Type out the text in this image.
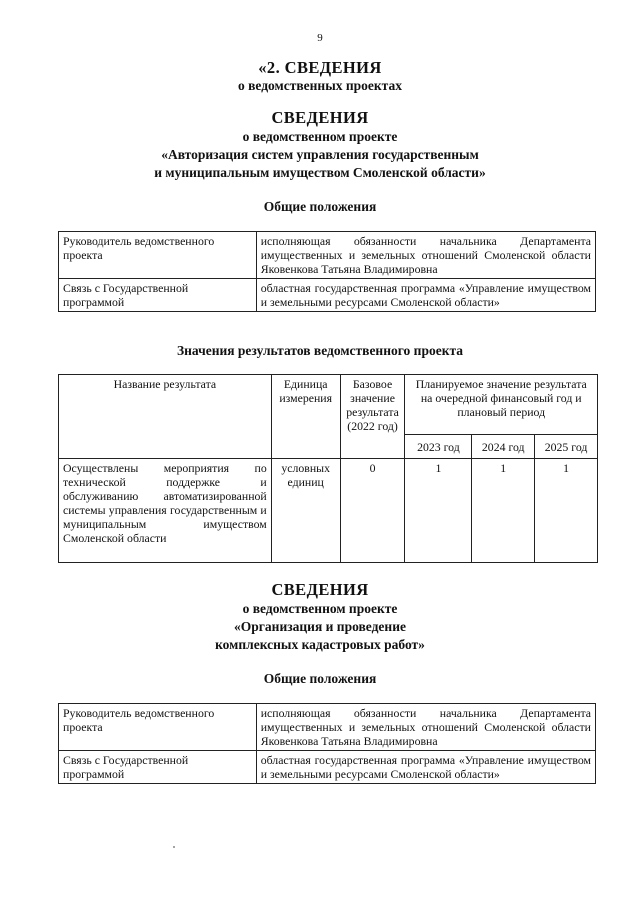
9
«2. СВЕДЕНИЯ
о ведомственных проектах
СВЕДЕНИЯ
о ведомственном проекте
«Авторизация систем управления государственным
и муниципальным имуществом Смоленской области»
Общие положения
Руководитель ведомственного проекта	исполняющая обязанности начальника Департамента имущественных и земельных отношений Смоленской области Яковенкова Татьяна Владимировна
Связь с Государственной программой	областная государственная программа «Управление имуществом и земельными ресурсами Смоленской области»
Значения результатов ведомственного проекта
Название результата	Единица измерения	Базовое значение результата (2022 год)	Планируемое значение результата на очередной финансовый год и плановый период		
			2023 год	2024 год	2025 год
Осуществлены мероприятия по технической поддержке и обслуживанию автоматизированной системы управления государственным и муниципальным имуществом Смоленской области	условных единиц	0	1	1	1
СВЕДЕНИЯ
о ведомственном проекте
«Организация и проведение
комплексных кадастровых работ»
Общие положения
Руководитель ведомственного проекта	исполняющая обязанности начальника Департамента имущественных и земельных отношений Смоленской области Яковенкова Татьяна Владимировна
Связь с Государственной программой	областная государственная программа «Управление имуществом и земельными ресурсами Смоленской области»
